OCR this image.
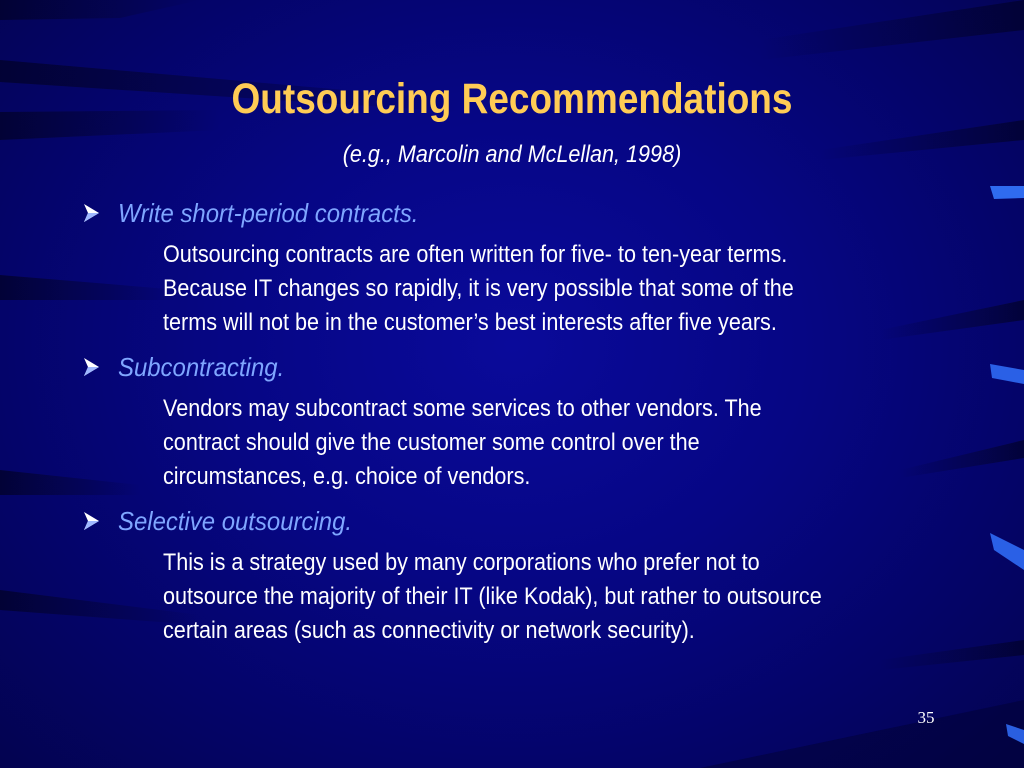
Outsourcing Recommendations
(e.g., Marcolin and McLellan, 1998)
Write short-period contracts.
Outsourcing contracts are often written for five- to ten-year terms.
Because IT changes so rapidly, it is very possible that some of the
terms will not be in the customer’s best interests after five years.
Subcontracting.
Vendors may subcontract some services to other vendors. The
contract should give the customer some control over the
circumstances, e.g. choice of vendors.
Selective outsourcing.
This is a strategy used by many corporations who prefer not to
outsource the majority of their IT (like Kodak), but rather to outsource
certain areas (such as connectivity or network security).
35
